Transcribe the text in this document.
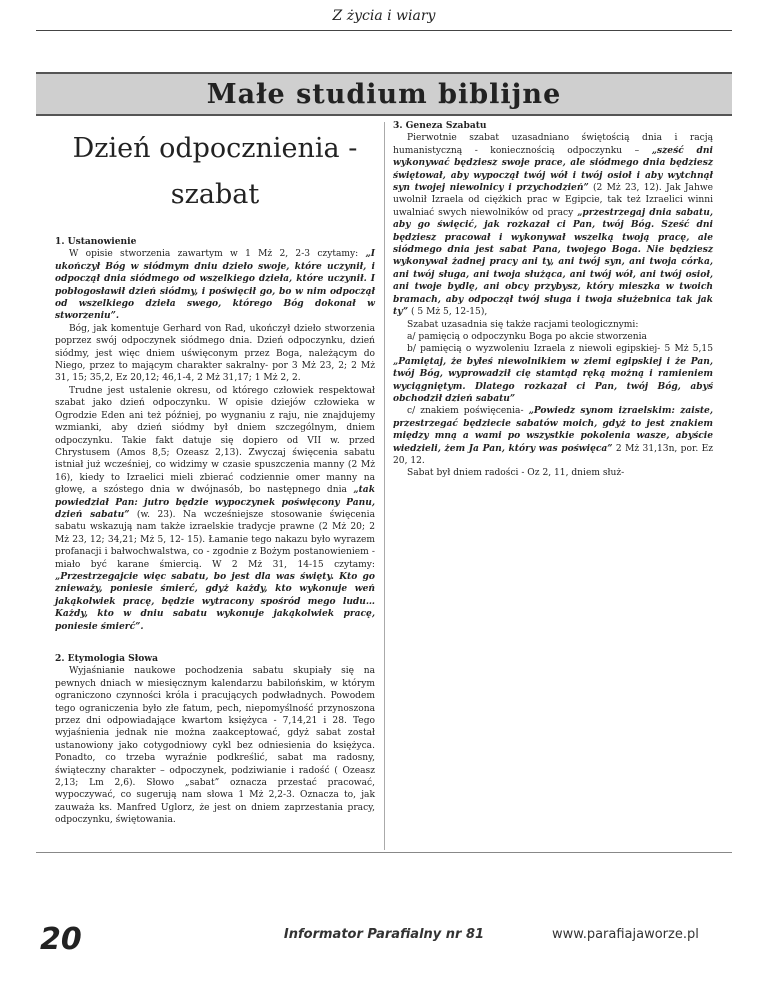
Z życia i wiary
Małe studium biblijne
Dzień odpocznienia -
szabat

1. Ustanowienie

W opisie stworzenia zawartym w 1 Mż 2, 2-3 czytamy: „I ukończył Bóg w siódmym dniu dzieło swoje, które uczynił, i odpoczął dnia siódmego od wszelkiego dzieła, które uczynił. I pobłogosławił dzień siódmy, i poświęcił go, bo w nim odpoczął od wszelkiego dzieła swego, którego Bóg dokonał w stworzeniu”.

Bóg, jak komentuje Gerhard von Rad, ukończył dzieło stworzenia poprzez swój odpoczynek siódmego dnia. Dzień odpoczynku, dzień siódmy, jest więc dniem uświęconym przez Boga, należącym do Niego, przez to mającym charakter sakralny- por 3 Mż 23, 2; 2 Mż 31, 15; 35,2, Ez 20,12; 46,1-4, 2 Mż 31,17; 1 Mż 2, 2.

Trudne jest ustalenie okresu, od którego człowiek respektował szabat jako dzień odpoczynku. W opisie dziejów człowieka w Ogrodzie Eden ani też później, po wygnaniu z raju, nie znajdujemy wzmianki, aby dzień siódmy był dniem szczególnym, dniem odpoczynku. Takie fakt datuje się dopiero od VII w. przed Chrystusem (Amos 8,5; Ozeasz 2,13). Zwyczaj święcenia sabatu istniał już wcześniej, co widzimy w czasie spuszczenia manny (2 Mż 16), kiedy to Izraelici mieli zbierać codziennie omer manny na głowę, a szóstego dnia w dwójnasób, bo następnego dnia „tak powiedział Pan: jutro będzie wypoczynek poświęcony Panu, dzień sabatu” (w. 23). Na wcześniejsze stosowanie święcenia sabatu wskazują nam także izraelskie tradycje prawne (2 Mż 20; 2 Mż 23, 12; 34,21; Mż 5, 12- 15). Łamanie tego nakazu było wyrazem profanacji i bałwochwalstwa, co - zgodnie z Bożym postanowieniem - miało być karane śmiercią. W 2 Mż 31, 14-15 czytamy: „Przestrzegajcie więc sabatu, bo jest dla was święty. Kto go znieważy, poniesie śmierć, gdyż każdy, kto wykonuje weń jakąkolwiek pracę, będzie wytracony spośród mego ludu… Każdy, kto w dniu sabatu wykonuje jakąkolwiek pracę, poniesie śmierć”.

2. Etymologia Słowa

Wyjaśnianie naukowe pochodzenia sabatu skupiały się na pewnych dniach w miesięcznym kalendarzu babilońskim, w którym ograniczono czynności króla i pracujących podwładnych. Powodem tego ograniczenia było złe fatum, pech, niepomyślność przynoszona przez dni odpowiadające kwartom księżyca - 7,14,21 i 28. Tego wyjaśnienia jednak nie można zaakceptować, gdyż sabat został ustanowiony jako cotygodniowy cykl bez odniesienia do księżyca. Ponadto, co trzeba wyraźnie podkreślić, sabat ma radosny, świąteczny charakter – odpoczynek, podziwianie i radość ( Ozeasz 2,13; Lm 2,6). Słowo „sabat” oznacza przestać pracować, wypoczywać, co sugerują nam słowa 1 Mż 2,2-3. Oznacza to, jak zauważa ks. Manfred Uglorz, że jest on dniem zaprzestania pracy, odpoczynku, świętowania.

3. Geneza Szabatu

Pierwotnie szabat uzasadniano świętością dnia i racją humanistyczną - koniecznością odpoczynku – „sześć dni wykonywać będziesz swoje prace, ale siódmego dnia będziesz świętował, aby wypoczął twój wół i twój osioł i aby wytchnął syn twojej niewolnicy i przychodzień” (2 Mż 23, 12). Jak Jahwe uwolnił Izraela od ciężkich prac w Egipcie, tak też Izraelici winni uwalniać swych niewolników od pracy „przestrzegaj dnia sabatu, aby go święcić, jak rozkazał ci Pan, twój Bóg. Sześć dni będziesz pracował i wykonywał wszelką twoją pracę, ale siódmego dnia jest sabat Pana, twojego Boga. Nie będziesz wykonywał żadnej pracy ani ty, ani twój syn, ani twoja córka, ani twój sługa, ani twoja służąca, ani twój wół, ani twój osioł, ani twoje bydlę, ani obcy przybysz, który mieszka w twoich bramach, aby odpoczął twój sługa i twoja służebnica tak jak ty” ( 5 Mż 5, 12-15),

Szabat uzasadnia się także racjami teologicznymi:

a/ pamięcią o odpoczynku Boga po akcie stworzenia

b/ pamięcią o wyzwoleniu Izraela z niewoli egipskiej- 5 Mż 5,15 „Pamiętaj, że byłeś niewolnikiem w ziemi egipskiej i że Pan, twój Bóg, wyprowadził cię stamtąd ręką możną i ramieniem wyciągniętym. Dlatego rozkazał ci Pan, twój Bóg, abyś obchodził dzień sabatu”

c/ znakiem poświęcenia- „Powiedz synom izraelskim: zaiste, przestrzegać będziecie sabatów moich, gdyż to jest znakiem między mną a wami po wszystkie pokolenia wasze, abyście wiedzieli, żem Ja Pan, który was poświęca” 2 Mż 31,13n, por. Ez 20, 12.

Sabat był dniem radości - Oz 2, 11, dniem służ-

20	Informator Parafialny nr 81	www.parafiajaworze.pl
